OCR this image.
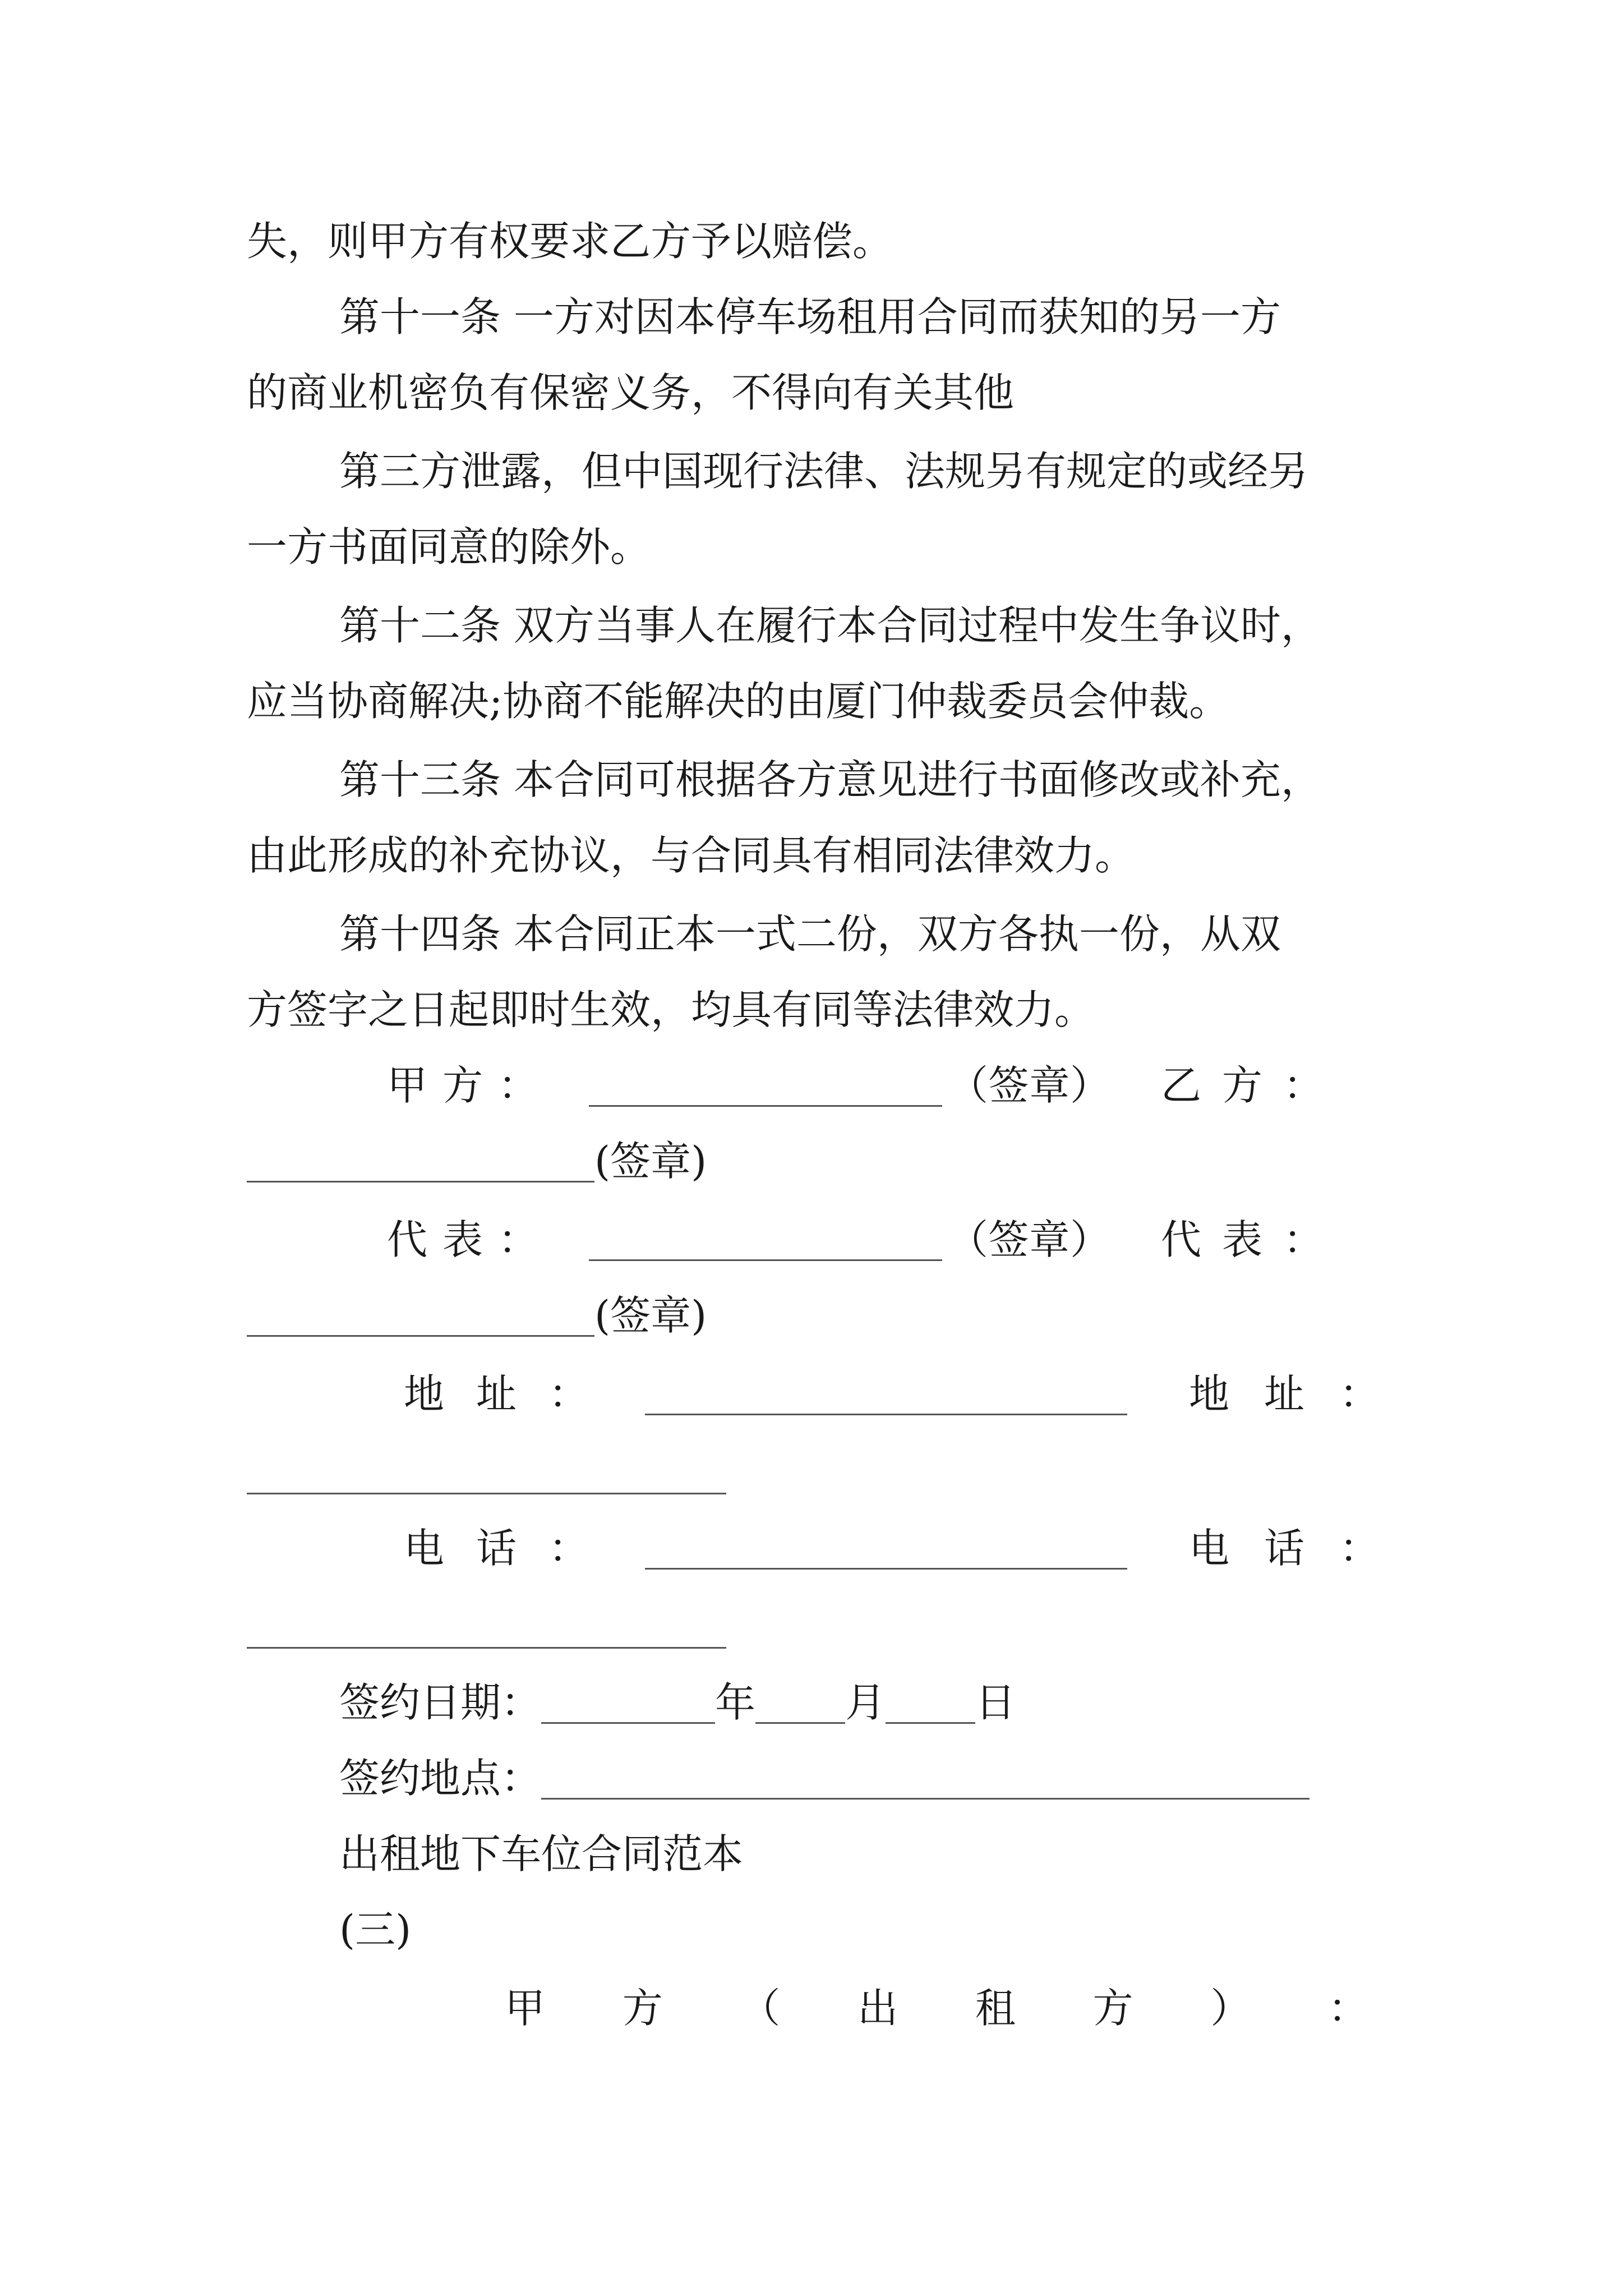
失，则甲方有权要求乙方予以赔偿。
第十一条 一方对因本停车场租用合同而获知的另一方
的商业机密负有保密义务，不得向有关其他
第三方泄露，但中国现行法律、法规另有规定的或经另
一方书面同意的除外。
第十二条 双方当事人在履行本合同过程中发生争议时，
应当协商解决;协商不能解决的由厦门仲裁委员会仲裁。
第十三条 本合同可根据各方意见进行书面修改或补充，
由此形成的补充协议，与合同具有相同法律效力。
第十四条 本合同正本一式二份，双方各执一份，从双
方签字之日起即时生效，均具有同等法律效力。
甲 方 ：	（ 签 章 ） 乙 方 ：
(签章)
代 表 ：	（ 签 章 ） 代 表 ：
(签章)
地 址 ：	地 址 ：
电 话 ：	电 话 ：
签约日期：	年 月 日
签约地点：
出租地下车位合同范本
(三)
甲 方 （ 出 租 方 ） ：
